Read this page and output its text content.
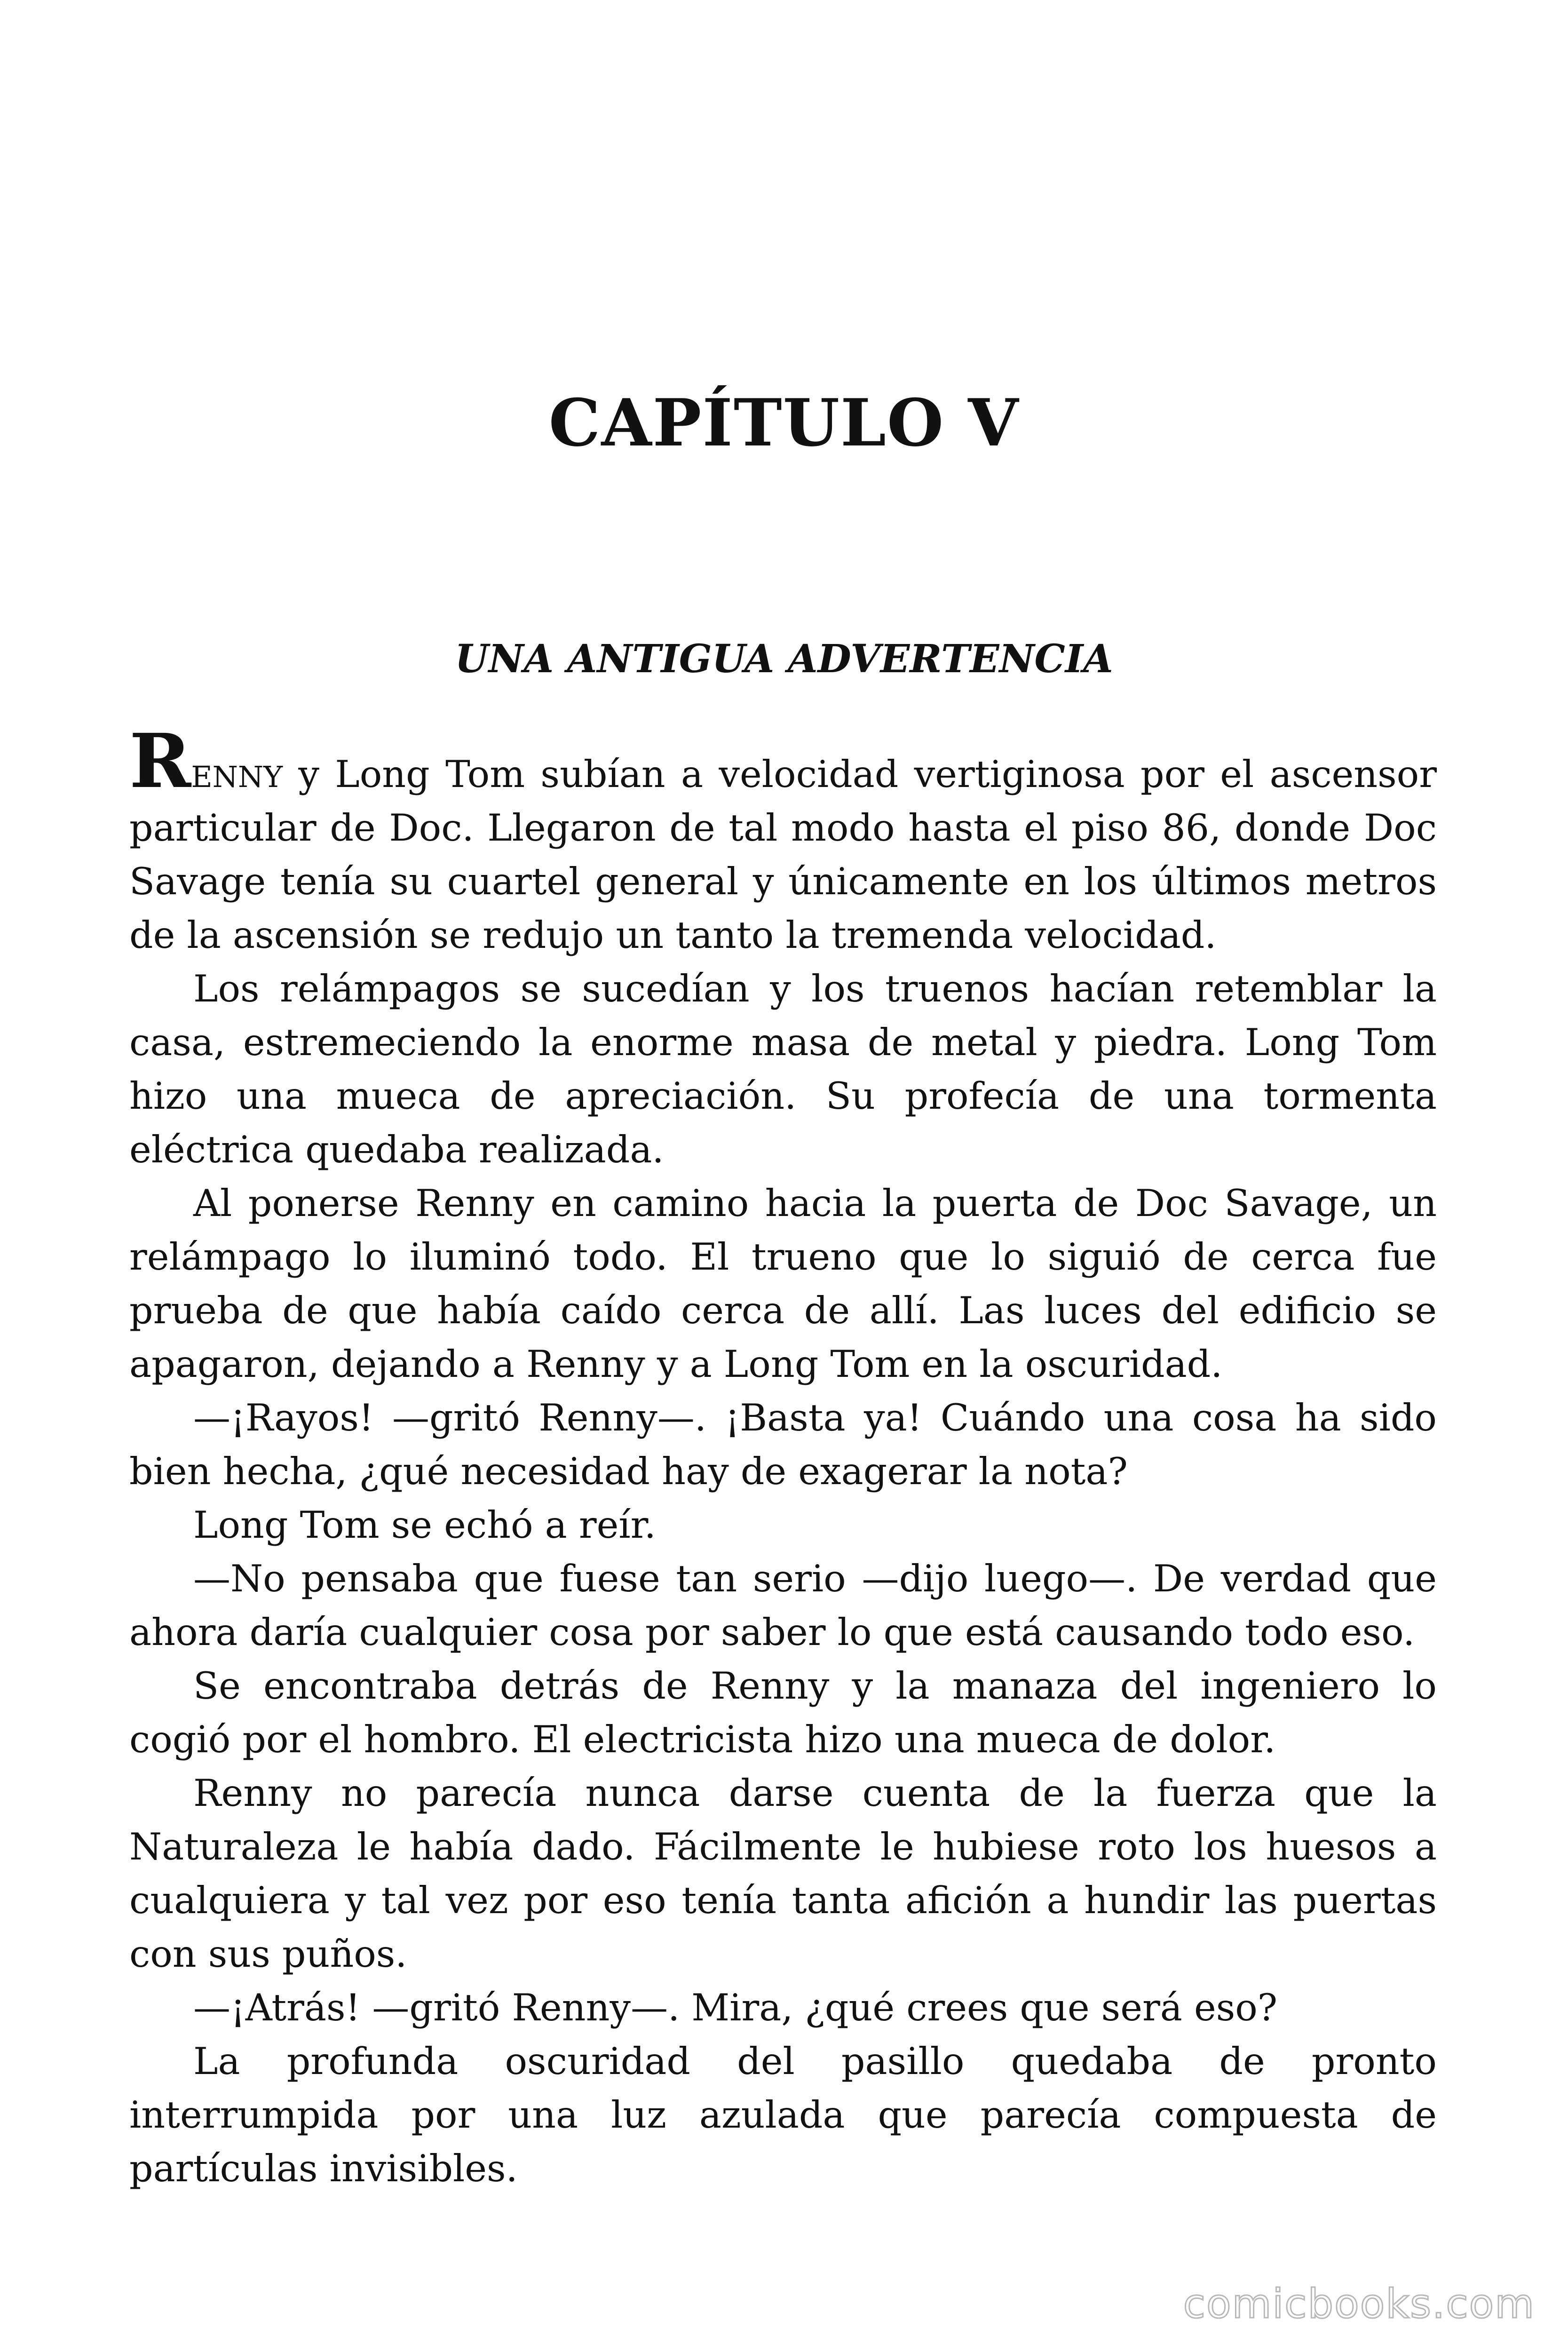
CAPÍTULO V
UNA ANTIGUA ADVERTENCIA

Renny y Long Tom subían a velocidad vertiginosa por el ascensor particular de Doc. Llegaron de tal modo hasta el piso 86, donde Doc Savage tenía su cuartel general y únicamente en los últimos metros de la ascensión se redujo un tanto la tremenda velocidad.

Los relámpagos se sucedían y los truenos hacían retemblar la casa, estremeciendo la enorme masa de metal y piedra. Long Tom hizo una mueca de apreciación. Su profecía de una tormenta eléctrica quedaba realizada.

Al ponerse Renny en camino hacia la puerta de Doc Savage, un relámpago lo iluminó todo. El trueno que lo siguió de cerca fue prueba de que había caído cerca de allí. Las luces del edificio se apagaron, dejando a Renny y a Long Tom en la oscuridad.

—¡Rayos! —gritó Renny—. ¡Basta ya! Cuándo una cosa ha sido bien hecha, ¿qué necesidad hay de exagerar la nota?

Long Tom se echó a reír.

—No pensaba que fuese tan serio —dijo luego—. De verdad que ahora daría cualquier cosa por saber lo que está causando todo eso.

Se encontraba detrás de Renny y la manaza del ingeniero lo cogió por el hombro. El electricista hizo una mueca de dolor.

Renny no parecía nunca darse cuenta de la fuerza que la Naturaleza le había dado. Fácilmente le hubiese roto los huesos a cualquiera y tal vez por eso tenía tanta afición a hundir las puertas con sus puños.

—¡Atrás! —gritó Renny—. Mira, ¿qué crees que será eso?

La profunda oscuridad del pasillo quedaba de pronto interrumpida por una luz azulada que parecía compuesta de partículas invisibles.

comicbooks.com
